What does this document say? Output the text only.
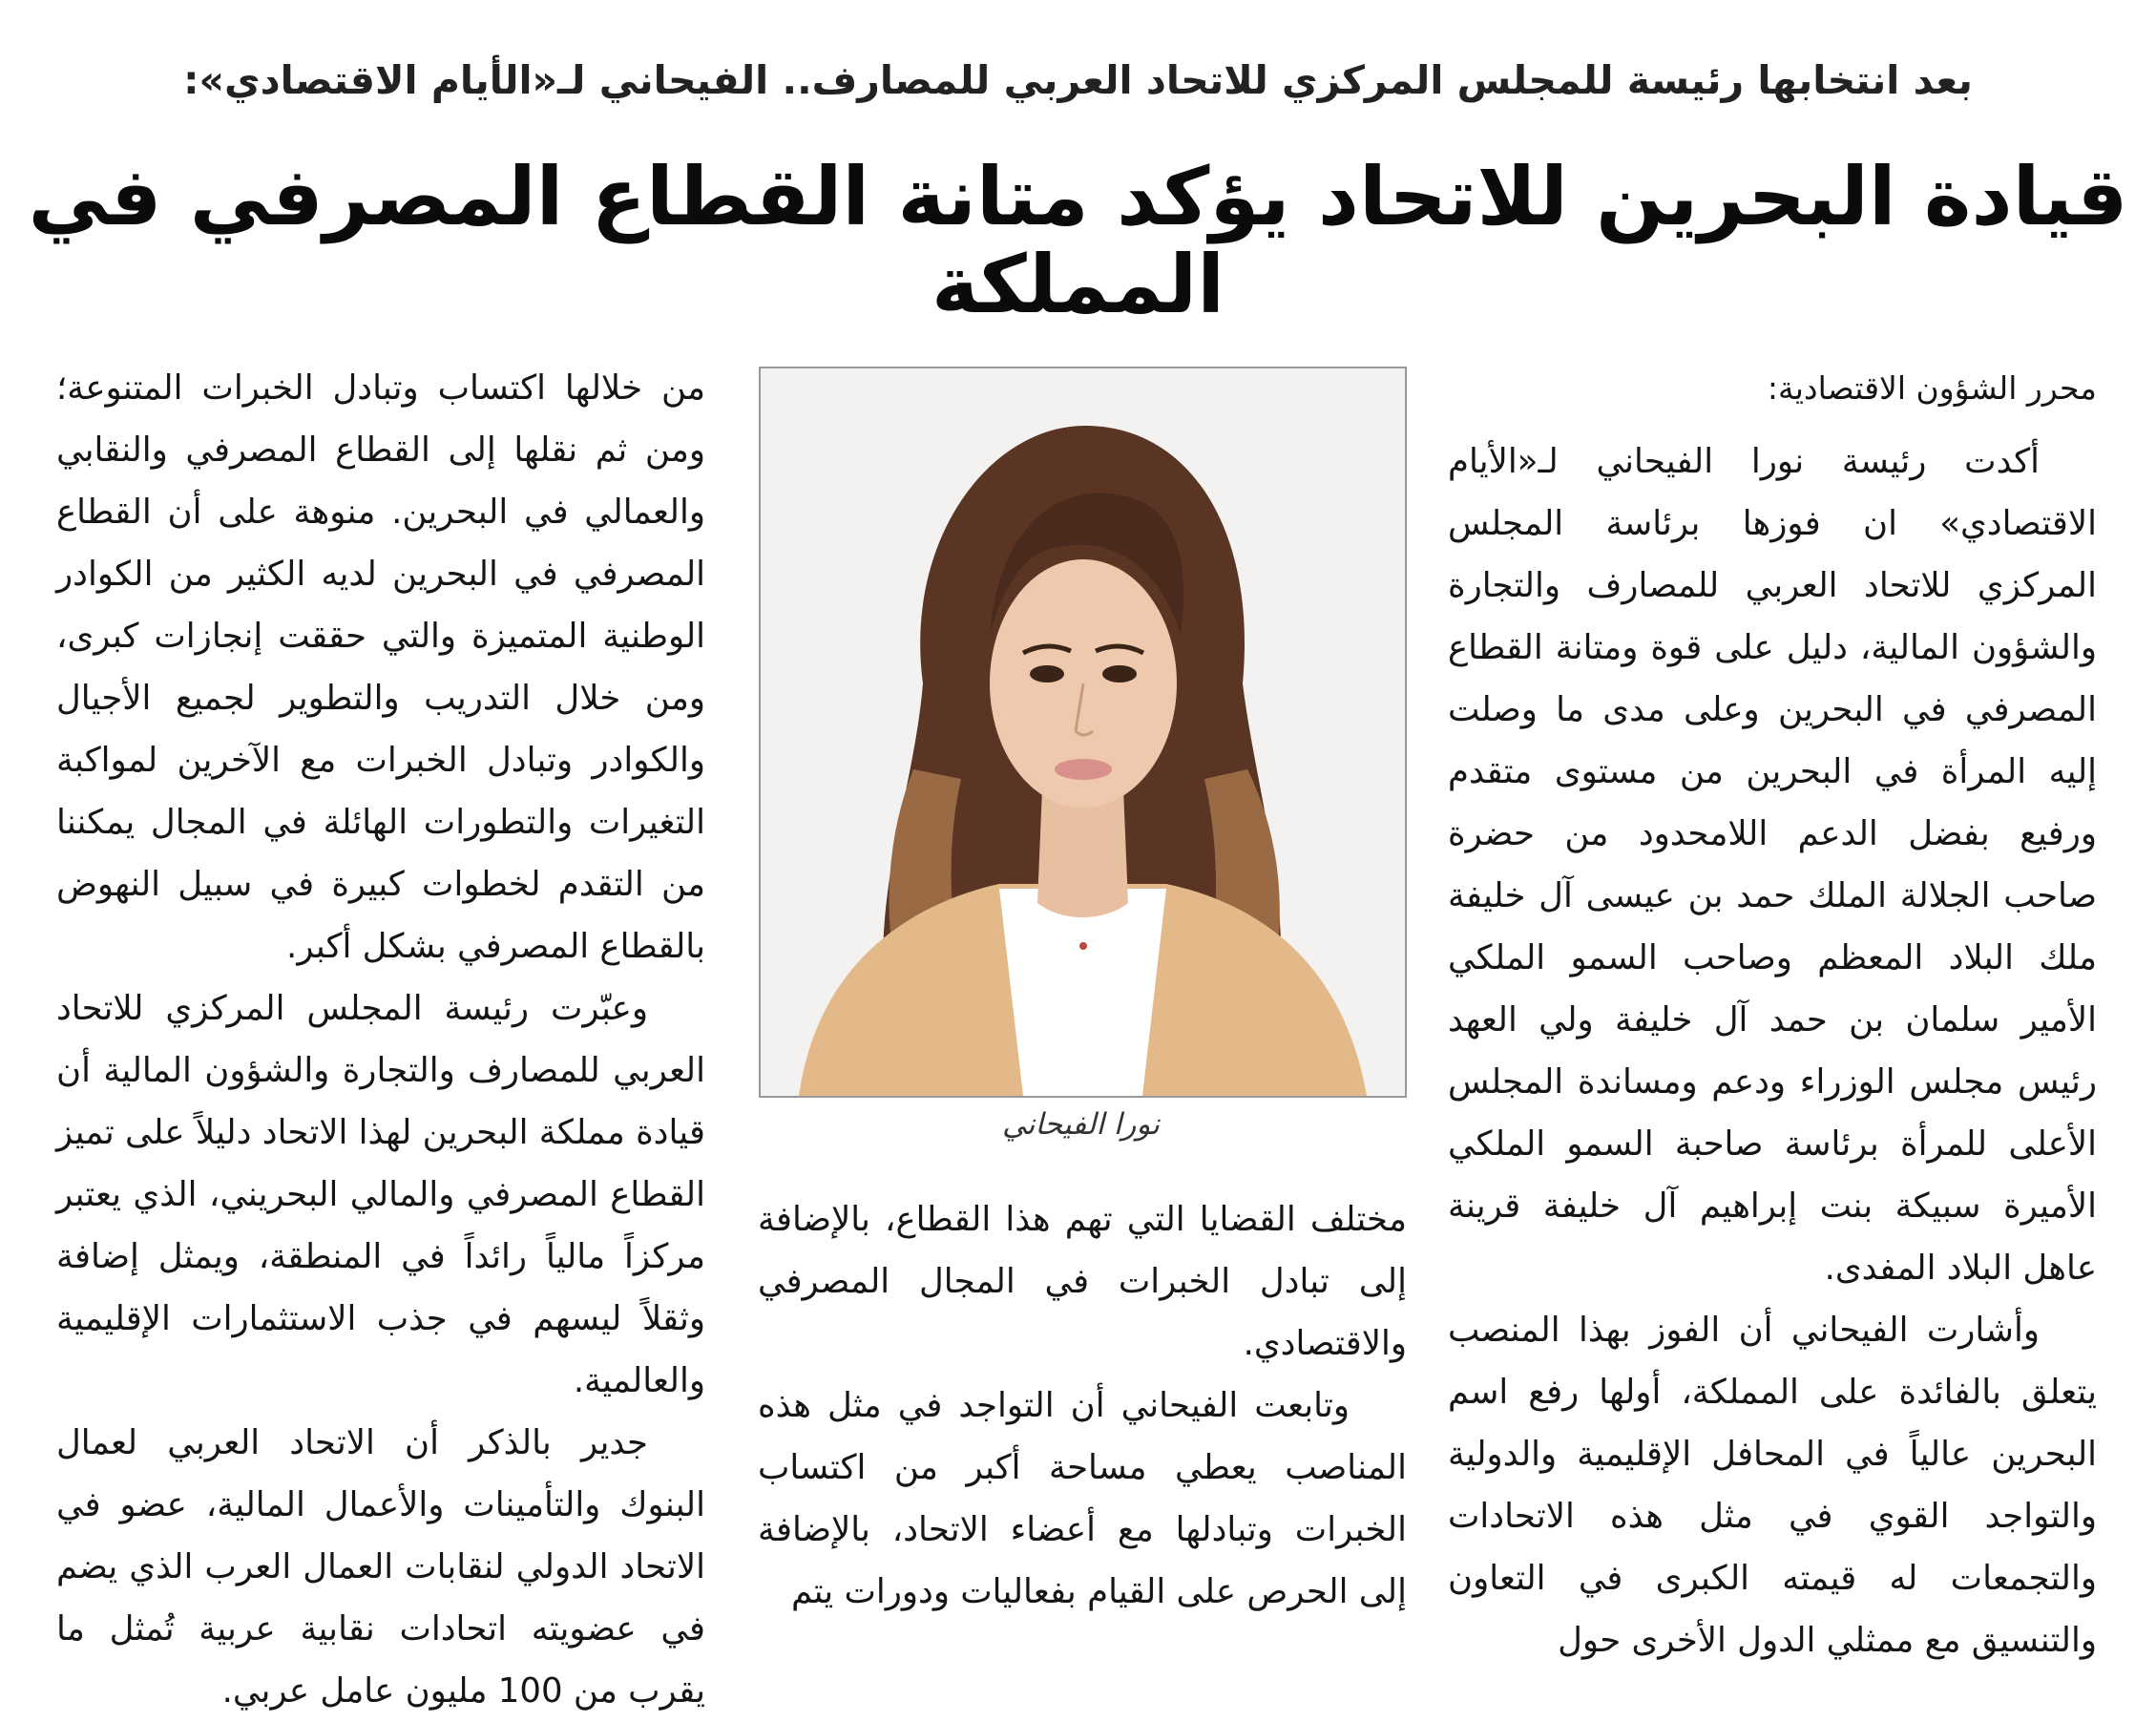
بعد انتخابها رئيسة للمجلس المركزي للاتحاد العربي للمصارف.. الفيحاني لـ«الأيام الاقتصادي»:
قيادة البحرين للاتحاد يؤكد متانة القطاع المصرفي في المملكة

محرر الشؤون الاقتصادية:

أكدت رئيسة نورا الفيحاني لـ«الأيام الاقتصادي» ان فوزها برئاسة المجلس المركزي للاتحاد العربي للمصارف والتجارة والشؤون المالية، دليل على قوة ومتانة القطاع المصرفي في البحرين وعلى مدى ما وصلت إليه المرأة في البحرين من مستوى متقدم ورفيع بفضل الدعم اللامحدود من حضرة صاحب الجلالة الملك حمد بن عيسى آل خليفة ملك البلاد المعظم وصاحب السمو الملكي الأمير سلمان بن حمد آل خليفة ولي العهد رئيس مجلس الوزراء ودعم ومساندة المجلس الأعلى للمرأة برئاسة صاحبة السمو الملكي الأميرة سبيكة بنت إبراهيم آل خليفة قرينة عاهل البلاد المفدى.

وأشارت الفيحاني أن الفوز بهذا المنصب يتعلق بالفائدة على المملكة، أولها رفع اسم البحرين عالياً في المحافل الإقليمية والدولية والتواجد القوي في مثل هذه الاتحادات والتجمعات له قيمته الكبرى في التعاون والتنسيق مع ممثلي الدول الأخرى حول

نورا الفيحاني

مختلف القضايا التي تهم هذا القطاع، بالإضافة إلى تبادل الخبرات في المجال المصرفي والاقتصادي.

وتابعت الفيحاني أن التواجد في مثل هذه المناصب يعطي مساحة أكبر من اكتساب الخبرات وتبادلها مع أعضاء الاتحاد، بالإضافة إلى الحرص على القيام بفعاليات ودورات يتم

من خلالها اكتساب وتبادل الخبرات المتنوعة؛ ومن ثم نقلها إلى القطاع المصرفي والنقابي والعمالي في البحرين. منوهة على أن القطاع المصرفي في البحرين لديه الكثير من الكوادر الوطنية المتميزة والتي حققت إنجازات كبرى، ومن خلال التدريب والتطوير لجميع الأجيال والكوادر وتبادل الخبرات مع الآخرين لمواكبة التغيرات والتطورات الهائلة في المجال يمكننا من التقدم لخطوات كبيرة في سبيل النهوض بالقطاع المصرفي بشكل أكبر.

وعبّرت رئيسة المجلس المركزي للاتحاد العربي للمصارف والتجارة والشؤون المالية أن قيادة مملكة البحرين لهذا الاتحاد دليلاً على تميز القطاع المصرفي والمالي البحريني، الذي يعتبر مركزاً مالياً رائداً في المنطقة، ويمثل إضافة وثقلاً ليسهم في جذب الاستثمارات الإقليمية والعالمية.

جدير بالذكر أن الاتحاد العربي لعمال البنوك والتأمينات والأعمال المالية، عضو في الاتحاد الدولي لنقابات العمال العرب الذي يضم في عضويته اتحادات نقابية عربية تُمثل ما يقرب من 100 مليون عامل عربي.
